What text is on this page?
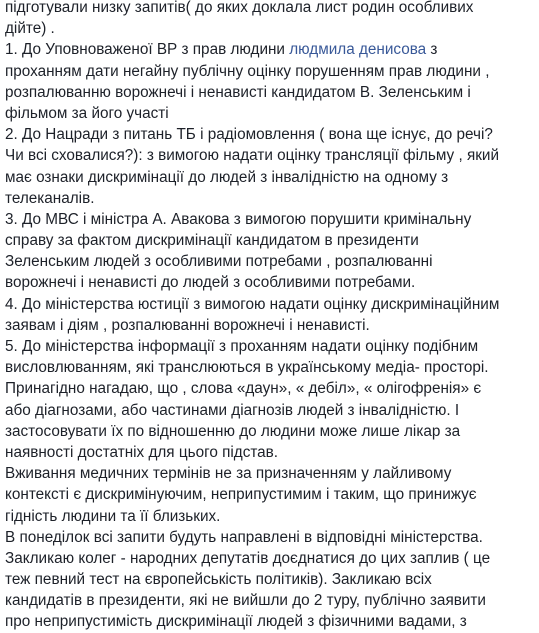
підготували низку запитів( до яких доклала лист родин особливих
дійте) .
1. До Уповноваженої ВР з прав людини людмила денисова з
проханням дати негайну публічну оцінку порушенням прав людини ,
розпалюванню ворожнечі і ненависті кандидатом В. Зеленським і
фільмом за його участі
2. До Нацради з питань ТБ і радіомовлення ( вона ще існує, до речі?
Чи всі сховалися?): з вимогою надати оцінку трансляції фільму , який
має ознаки дискримінації до людей з інвалідністю на одному з
телеканалів.
3. До МВС і міністра А. Авакова з вимогою порушити кримінальну
справу за фактом дискримінації кандидатом в президенти
Зеленським людей з особливими потребами , розпалюванні
ворожнечі і ненависті до людей з особливими потребами.
4. До міністерства юстиції з вимогою надати оцінку дискримінаційним
заявам і діям , розпалюванні ворожнечі і ненависті.
5. До міністерства інформації з проханням надати оцінку подібним
висловлюванням, які транслюються в українському медіа- просторі.
Принагідно нагадаю, що , слова «даун», « дебіл», « олігофренія» є
або діагнозами, або частинами діагнозів людей з інвалідністю. І
застосовувати їх по відношенню до людини може лише лікар за
наявності достатніх для цього підстав.
Вживання медичних термінів не за призначенням у лайливому
контексті є дискримінуючим, неприпустимим і таким, що принижує
гідність людини та її близьких.
В понеділок всі запити будуть направлені в відповідні міністерства.
Закликаю колег - народних депутатів доєднатися до цих заплив ( це
теж певний тест на європейськість політиків). Закликаю всіх
кандидатів в президенти, які не вийшли до 2 туру, публічно заявити
про неприпустимість дискримінації людей з фізичними вадами, з
